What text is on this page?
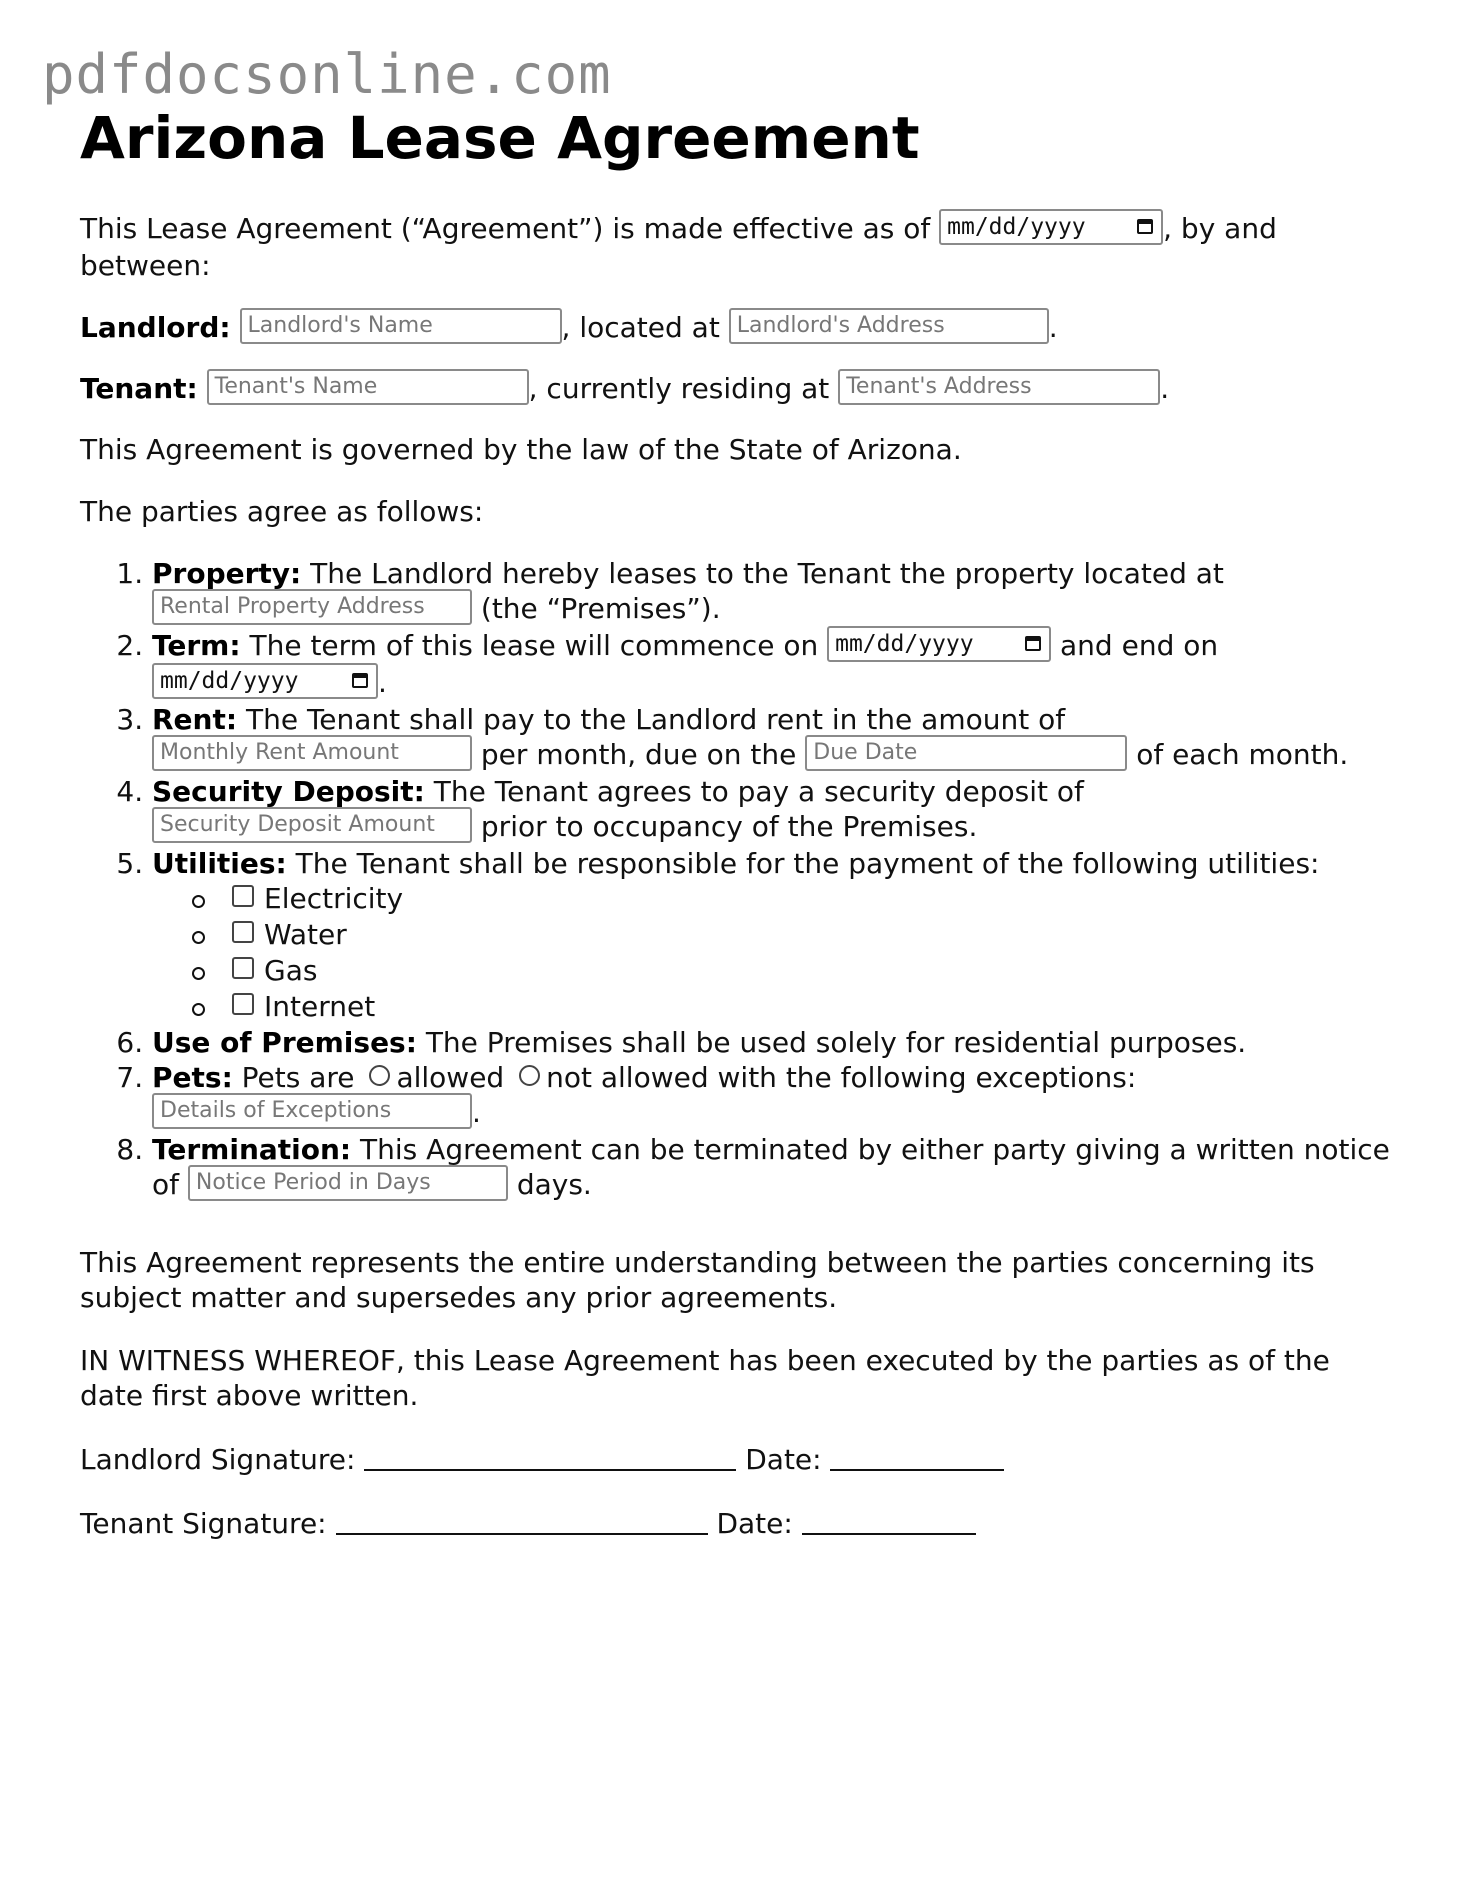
pdfdocsonline.com
Arizona Lease Agreement

This Lease Agreement (“Agreement”) is made effective as of mm/dd/yyyy	, by and between:

Landlord: Landlord's Name	, located at Landlord's Address	.

Tenant: Tenant's Name	, currently residing at Tenant's Address	.

This Agreement is governed by the law of the State of Arizona.

The parties agree as follows:

1. Property: The Landlord hereby leases to the Tenant the property located at
Rental Property Address (the “Premises”).
2. Term: The term of this lease will commence on mm/dd/yyyy	and end on
mm/dd/yyyy	.
3. Rent: The Tenant shall pay to the Landlord rent in the amount of
Monthly Rent Amount	per month, due on the Due Date	of each month.
4. Security Deposit: The Tenant agrees to pay a security deposit of
Security Deposit Amount prior to occupancy of the Premises.
5. Utilities: The Tenant shall be responsible for the payment of the following utilities:
Electricity
Water
Gas
Internet
6. Use of Premises: The Premises shall be used solely for residential purposes.
7. Pets: Pets are allowed not allowed with the following exceptions:
Details of Exceptions	.
8. Termination: This Agreement can be terminated by either party giving a written notice of Notice Period in Days	days.

This Agreement represents the entire understanding between the parties concerning its subject matter and supersedes any prior agreements.

IN WITNESS WHEREOF, this Lease Agreement has been executed by the parties as of the date first above written.

Landlord Signature:	Date:

Tenant Signature:	Date:
